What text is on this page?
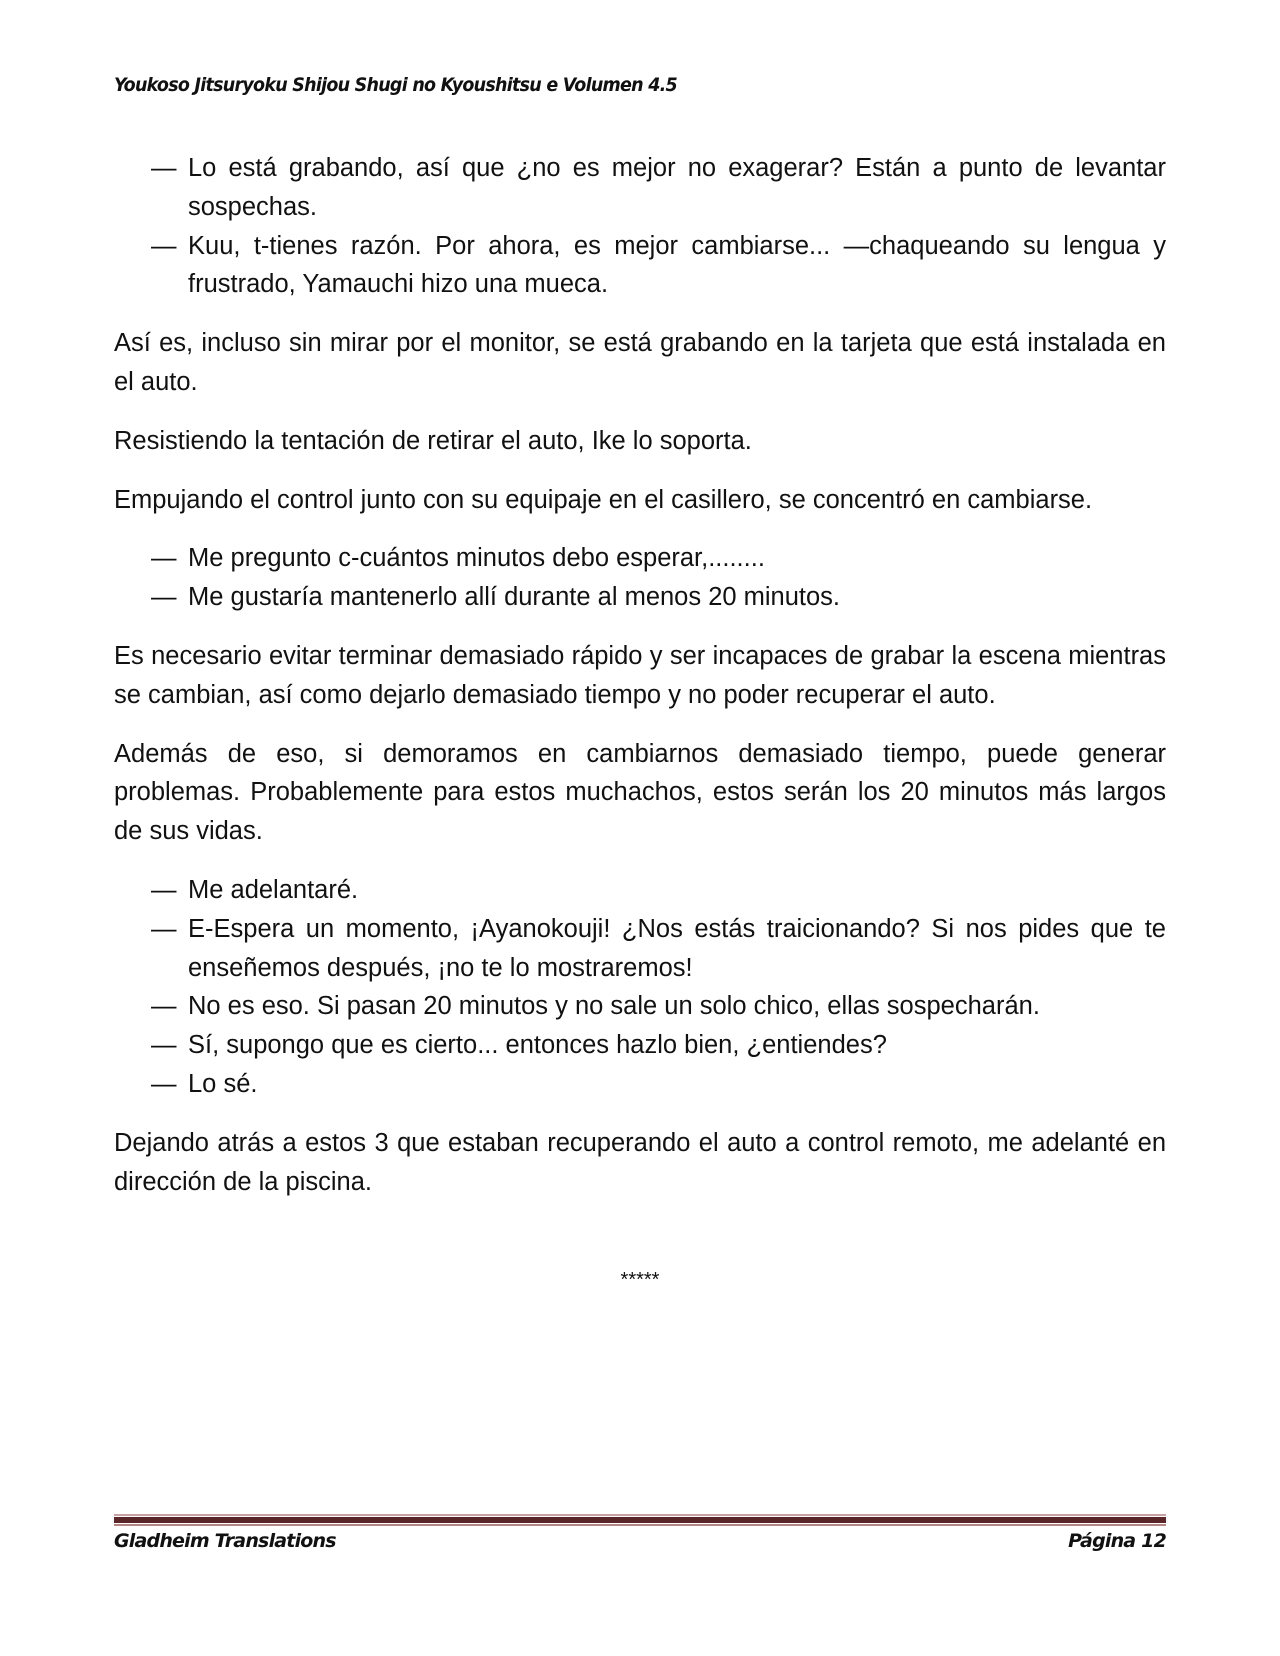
Youkoso Jitsuryoku Shijou Shugi no Kyoushitsu e Volumen 4.5
— Lo está grabando, así que ¿no es mejor no exagerar? Están a punto de levantar sospechas.
— Kuu, t-tienes razón. Por ahora, es mejor cambiarse... —chaqueando su lengua y frustrado, Yamauchi hizo una mueca.

Así es, incluso sin mirar por el monitor, se está grabando en la tarjeta que está instalada en el auto.

Resistiendo la tentación de retirar el auto, Ike lo soporta.

Empujando el control junto con su equipaje en el casillero, se concentró en cambiarse.

— Me pregunto c-cuántos minutos debo esperar,........
— Me gustaría mantenerlo allí durante al menos 20 minutos.

Es necesario evitar terminar demasiado rápido y ser incapaces de grabar la escena mientras se cambian, así como dejarlo demasiado tiempo y no poder recuperar el auto.

Además de eso, si demoramos en cambiarnos demasiado tiempo, puede generar problemas. Probablemente para estos muchachos, estos serán los 20 minutos más largos de sus vidas.

— Me adelantaré.
— E-Espera un momento, ¡Ayanokouji! ¿Nos estás traicionando? Si nos pides que te enseñemos después, ¡no te lo mostraremos!
— No es eso. Si pasan 20 minutos y no sale un solo chico, ellas sospecharán.
— Sí, supongo que es cierto... entonces hazlo bien, ¿entiendes?
— Lo sé.

Dejando atrás a estos 3 que estaban recuperando el auto a control remoto, me adelanté en dirección de la piscina.

*****
Gladheim Translations	Página 12
